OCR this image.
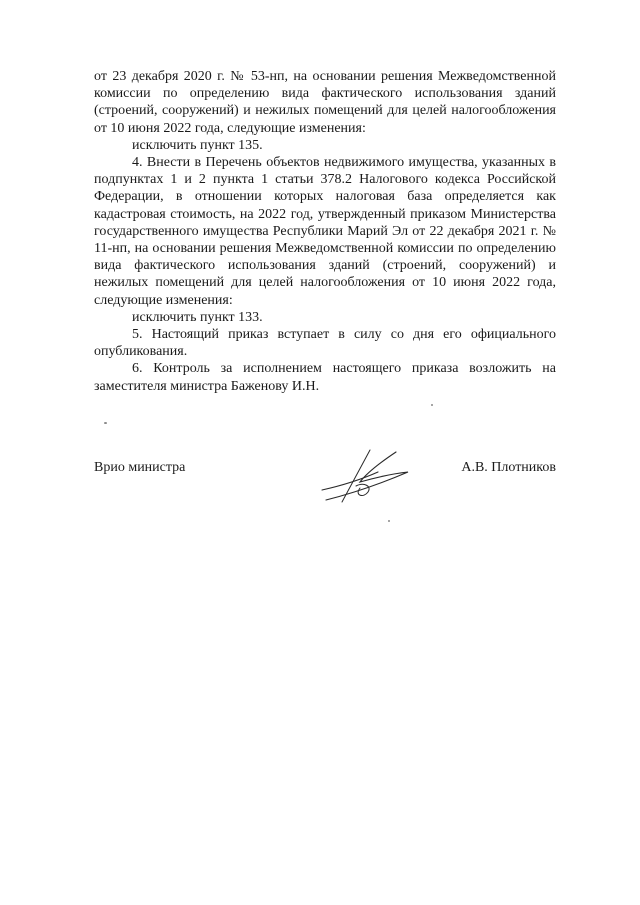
от 23 декабря 2020 г. № 53-нп, на основании решения Межведомственной комиссии по определению вида фактического использования зданий (строений, сооружений) и нежилых помещений для целей налогообложения от 10 июня 2022 года, следующие изменения:

исключить пункт 135.

4. Внести в Перечень объектов недвижимого имущества, указанных в подпунктах 1 и 2 пункта 1 статьи 378.2 Налогового кодекса Российской Федерации, в отношении которых налоговая база определяется как кадастровая стоимость, на 2022 год, утвержденный приказом Министерства государственного имущества Республики Марий Эл от 22 декабря 2021 г. № 11-нп, на основании решения Межведомственной комиссии по определению вида фактического использования зданий (строений, сооружений) и нежилых помещений для целей налогообложения от 10 июня 2022 года, следующие изменения:

исключить пункт 133.

5. Настоящий приказ вступает в силу со дня его официального опубликования.

6. Контроль за исполнением настоящего приказа возложить на заместителя министра Баженову И.Н.

Врио министра	А.В. Плотников
